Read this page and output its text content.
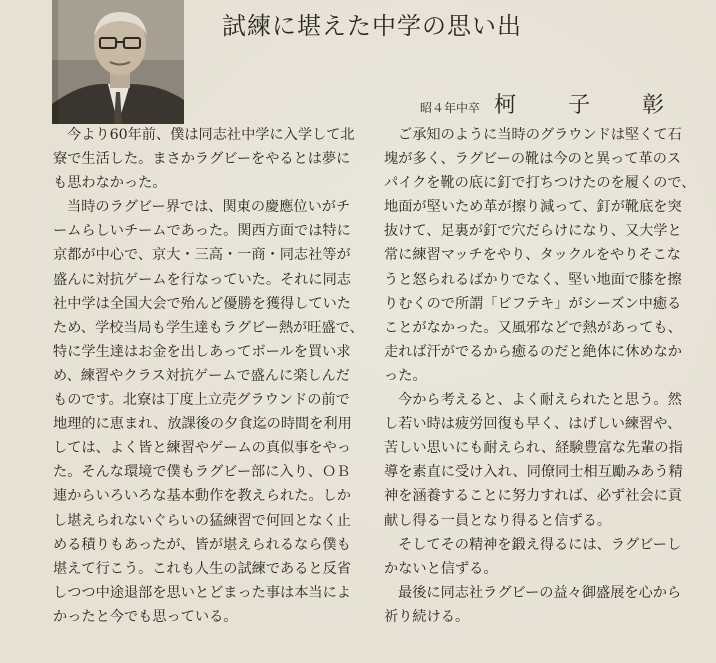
試練に堪えた中学の思い出
昭４年中卒 柯子彰
今より60年前、僕は同志社中学に入学して北
寮で生活した。まさかラグビーをやるとは夢に
も思わなかった。
当時のラグビー界では、関東の慶應位いがチ
ームらしいチームであった。関西方面では特に
京都が中心で、京大・三高・一商・同志社等が
盛んに対抗ゲームを行なっていた。それに同志
社中学は全国大会で殆んど優勝を獲得していた
ため、学校当局も学生達もラグビー熱が旺盛で、
特に学生達はお金を出しあってボールを買い求
め、練習やクラス対抗ゲームで盛んに楽しんだ
ものです。北寮は丁度上立売グラウンドの前で
地理的に恵まれ、放課後の夕食迄の時間を利用
しては、よく皆と練習やゲームの真似事をやっ
た。そんな環境で僕もラグビー部に入り、ＯＢ
連からいろいろな基本動作を教えられた。しか
し堪えられないぐらいの猛練習で何回となく止
める積りもあったが、皆が堪えられるなら僕も
堪えて行こう。これも人生の試練であると反省
しつつ中途退部を思いとどまった事は本当によ
かったと今でも思っている。
ご承知のように当時のグラウンドは堅くて石
塊が多く、ラグビーの靴は今のと異って革のス
パイクを靴の底に釘で打ちつけたのを履くので、
地面が堅いため革が擦り減って、釘が靴底を突
抜けて、足裏が釘で穴だらけになり、又大学と
常に練習マッチをやり、タックルをやりそこな
うと怒られるばかりでなく、堅い地面で膝を擦
りむくので所謂「ビフテキ」がシーズン中癒る
ことがなかった。又風邪などで熱があっても、
走れば汗がでるから癒るのだと絶体に休めなか
った。
今から考えると、よく耐えられたと思う。然
し若い時は疲労回復も早く、はげしい練習や、
苦しい思いにも耐えられ、経験豊富な先輩の指
導を素直に受け入れ、同僚同士相互勵みあう精
神を涵養することに努力すれば、必ず社会に貢
献し得る一員となり得ると信ずる。
そしてその精神を鍛え得るには、ラグビーし
かないと信ずる。
最後に同志社ラグビーの益々御盛展を心から
祈り続ける。
